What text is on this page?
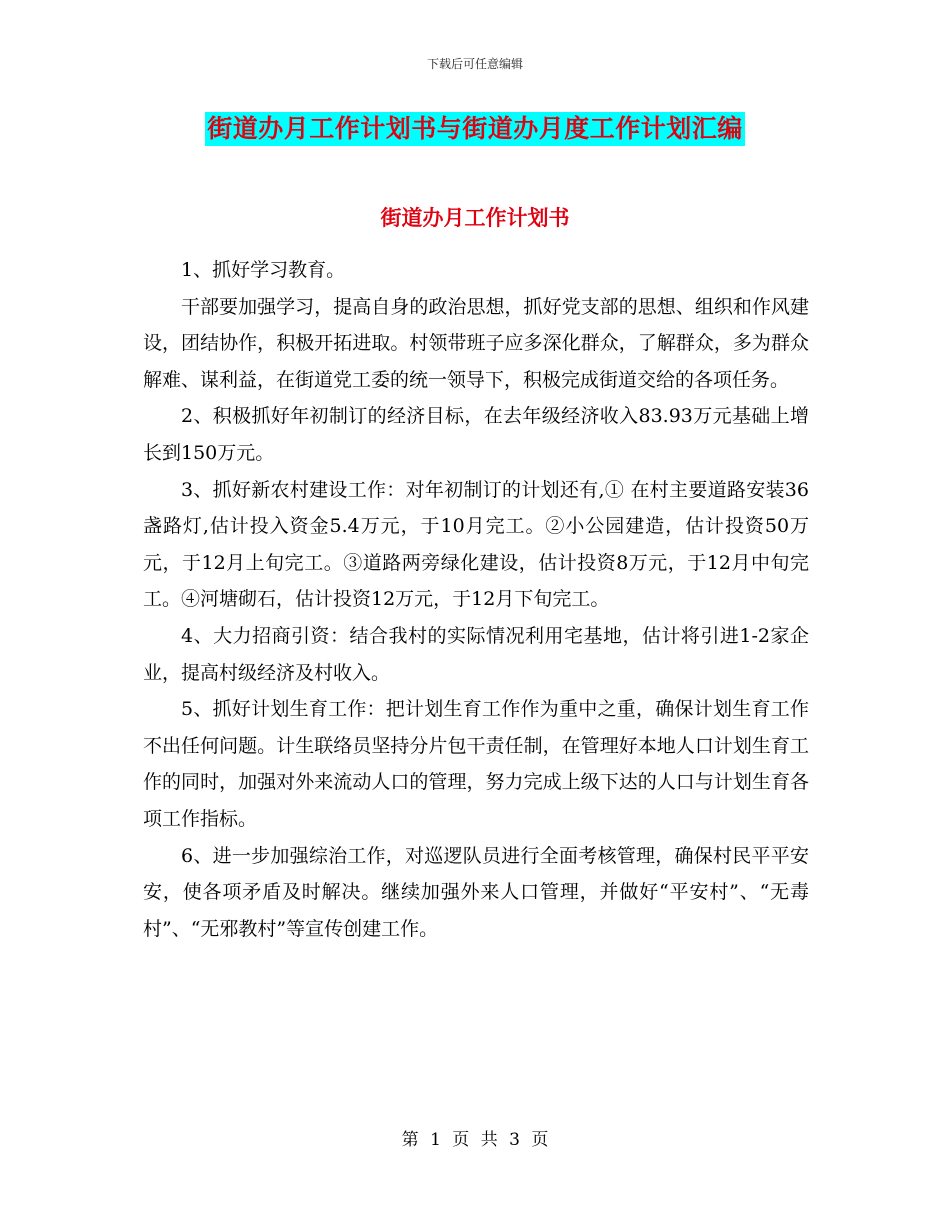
下载后可任意编辑
街道办月工作计划书与街道办月度工作计划汇编
街道办月工作计划书

1、抓好学习教育。

干部要加强学习，提高自身的政治思想，抓好党支部的思想、组织和作风建设，团结协作，积极开拓进取。村领带班子应多深化群众，了解群众，多为群众解难、谋利益，在街道党工委的统一领导下，积极完成街道交给的各项任务。

2、积极抓好年初制订的经济目标，在去年级经济收入83.93万元基础上增长到150万元。

3、抓好新农村建设工作：对年初制订的计划还有,① 在村主要道路安装36盏路灯,估计投入资金5.4万元，于10月完工。②小公园建造，估计投资50万元，于12月上旬完工。③道路两旁绿化建设，估计投资8万元，于12月中旬完工。④河塘砌石，估计投资12万元，于12月下旬完工。

4、大力招商引资：结合我村的实际情况利用宅基地，估计将引进1-2家企业，提高村级经济及村收入。

5、抓好计划生育工作：把计划生育工作作为重中之重，确保计划生育工作不出任何问题。计生联络员坚持分片包干责任制，在管理好本地人口计划生育工作的同时，加强对外来流动人口的管理，努力完成上级下达的人口与计划生育各项工作指标。

6、进一步加强综治工作，对巡逻队员进行全面考核管理，确保村民平平安安，使各项矛盾及时解决。继续加强外来人口管理，并做好“平安村”、“无毒村”、“无邪教村”等宣传创建工作。

第 1 页 共 3 页
